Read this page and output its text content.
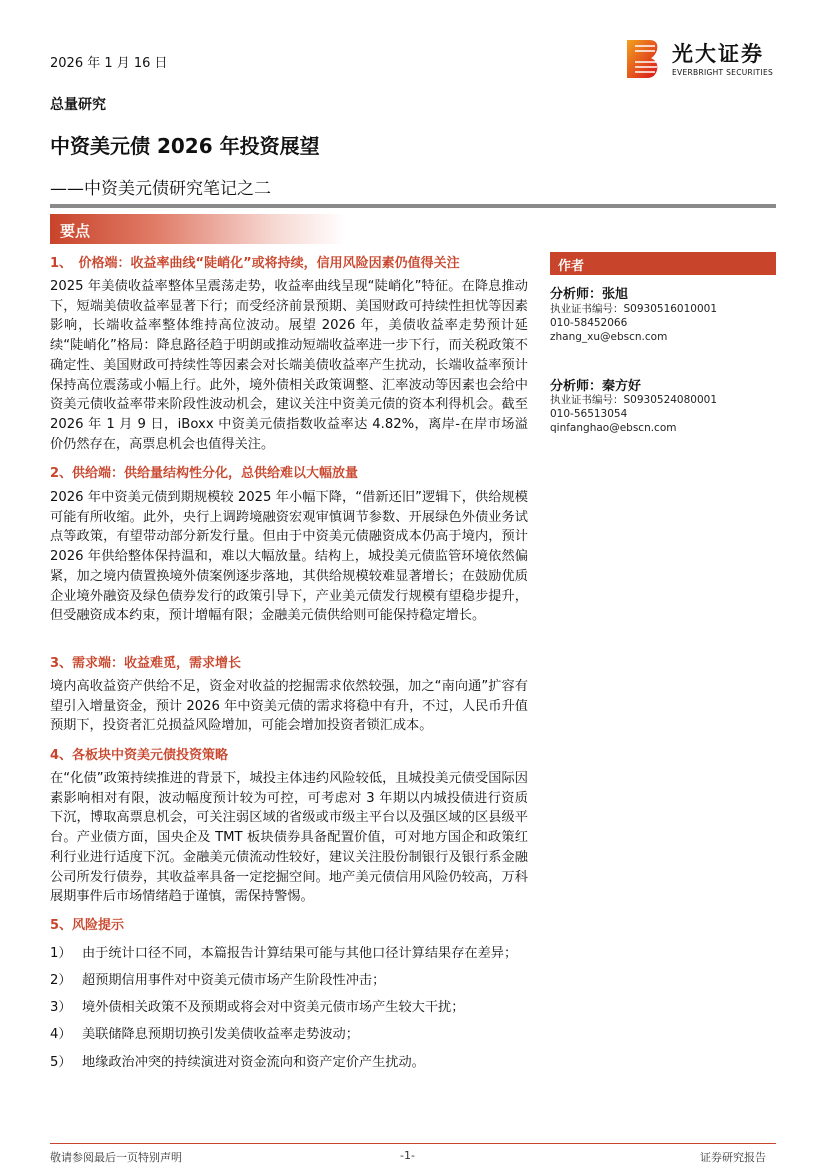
2026 年 1 月 16 日
总量研究
中资美元债 2026 年投资展望
——中资美元债研究笔记之二
光大证券
EVERBRIGHT SECURITIES
要点
1、　价格端：收益率曲线“陡峭化”或将持续，信用风险因素仍值得关注
2025 年美债收益率整体呈震荡走势，收益率曲线呈现“陡峭化”特征。在降息推动下，短端美债收益率显著下行；而受经济前景预期、美国财政可持续性担忧等因素影响，长端收益率整体维持高位波动。展望 2026 年，美债收益率走势预计延续“陡峭化”格局：降息路径趋于明朗或推动短端收益率进一步下行，而关税政策不确定性、美国财政可持续性等因素会对长端美债收益率产生扰动，长端收益率预计保持高位震荡或小幅上行。此外，境外债相关政策调整、汇率波动等因素也会给中资美元债收益率带来阶段性波动机会，建议关注中资美元债的资本利得机会。截至 2026 年 1 月 9 日，iBoxx 中资美元债指数收益率达 4.82%，离岸-在岸市场溢价仍然存在，高票息机会也值得关注。
2、供给端：供给量结构性分化，总供给难以大幅放量
2026 年中资美元债到期规模较 2025 年小幅下降，“借新还旧”逻辑下，供给规模可能有所收缩。此外，央行上调跨境融资宏观审慎调节参数、开展绿色外债业务试点等政策，有望带动部分新发行量。但由于中资美元债融资成本仍高于境内，预计 2026 年供给整体保持温和，难以大幅放量。结构上，城投美元债监管环境依然偏紧，加之境内债置换境外债案例逐步落地，其供给规模较难显著增长；在鼓励优质企业境外融资及绿色债券发行的政策引导下，产业美元债发行规模有望稳步提升，但受融资成本约束，预计增幅有限；金融美元债供给则可能保持稳定增长。
3、需求端：收益难觅，需求增长
境内高收益资产供给不足，资金对收益的挖掘需求依然较强，加之“南向通”扩容有望引入增量资金，预计 2026 年中资美元债的需求将稳中有升，不过，人民币升值预期下，投资者汇兑损益风险增加，可能会增加投资者锁汇成本。
4、各板块中资美元债投资策略
在“化债”政策持续推进的背景下，城投主体违约风险较低，且城投美元债受国际因素影响相对有限，波动幅度预计较为可控，可考虑对 3 年期以内城投债进行资质下沉，博取高票息机会，可关注弱区域的省级或市级主平台以及强区域的区县级平台。产业债方面，国央企及 TMT 板块债券具备配置价值，可对地方国企和政策红利行业进行适度下沉。金融美元债流动性较好，建议关注股份制银行及银行系金融公司所发行债券，其收益率具备一定挖掘空间。地产美元债信用风险仍较高，万科展期事件后市场情绪趋于谨慎，需保持警惕。
5、风险提示
1） 由于统计口径不同，本篇报告计算结果可能与其他口径计算结果存在差异；
2） 超预期信用事件对中资美元债市场产生阶段性冲击；
3） 境外债相关政策不及预期或将会对中资美元债市场产生较大干扰；
4） 美联储降息预期切换引发美债收益率走势波动；
5） 地缘政治冲突的持续演进对资金流向和资产定价产生扰动。
作者
分析师：张旭
执业证书编号：S0930516010001
010-58452066
zhang_xu@ebscn.com
分析师：秦方好
执业证书编号：S0930524080001
010-56513054
qinfanghao@ebscn.com
敬请参阅最后一页特别声明	-1-	证券研究报告
